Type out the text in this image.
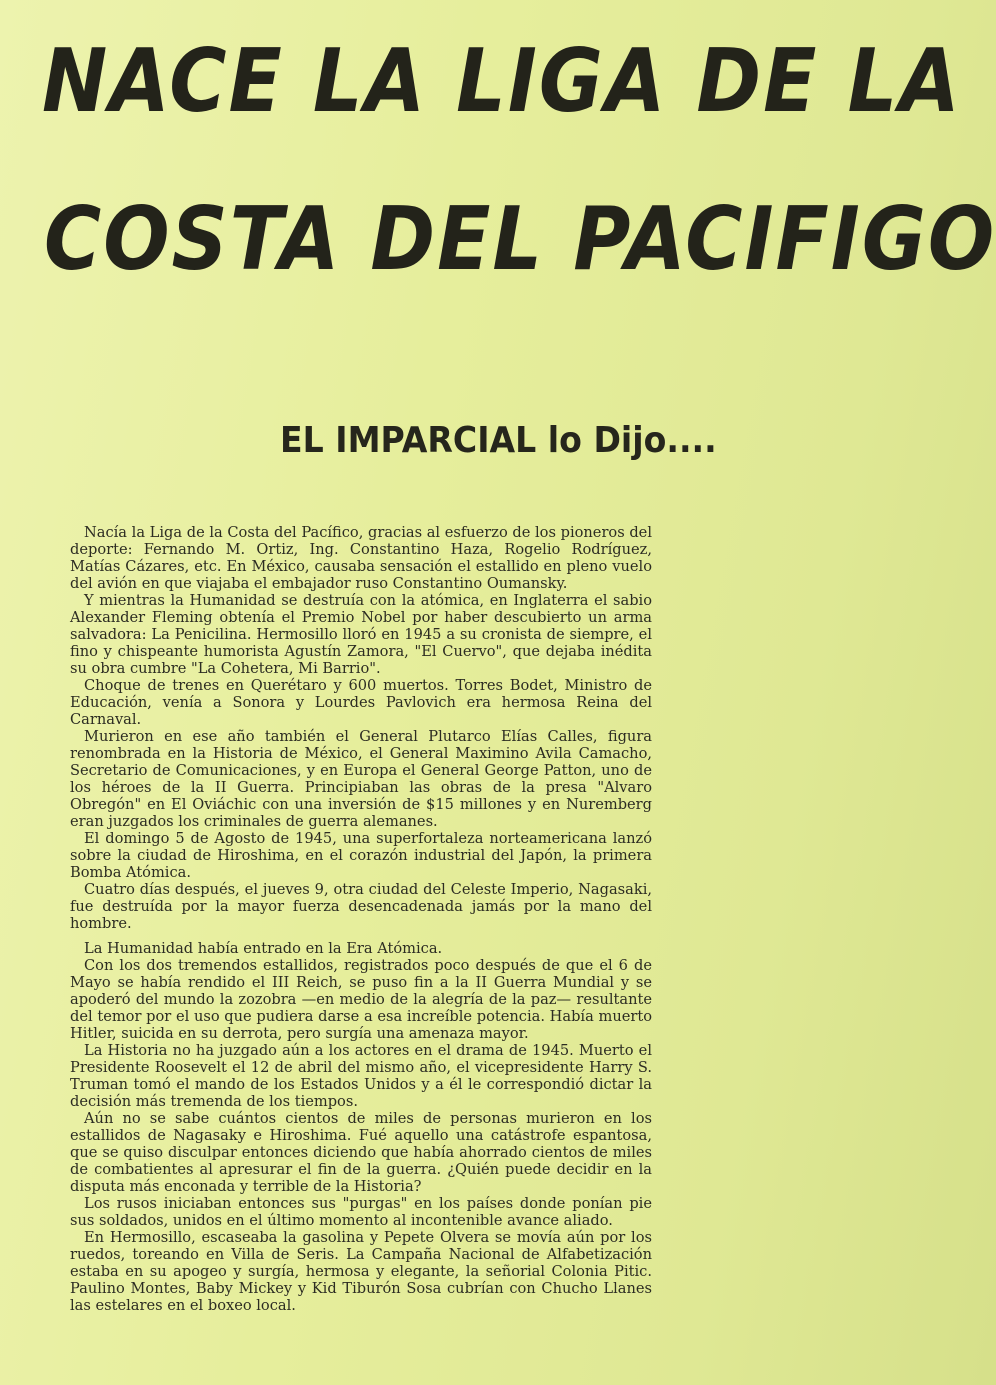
NACE LA LIGA DE LA
COSTA DEL PACIFIGO
EL IMPARCIAL lo Dijo....

Nacía la Liga de la Costa del Pacífico, gracias al esfuerzo de los pioneros del deporte: Fernando M. Ortiz, Ing. Constantino Haza, Rogelio Rodríguez, Matías Cázares, etc. En México, causaba sensación el estallido en pleno vuelo del avión en que viajaba el embajador ruso Constantino Oumansky.

Y mientras la Humanidad se destruía con la atómica, en Inglaterra el sabio Alexander Fleming obtenía el Premio Nobel por haber descubierto un arma salvadora: La Penicilina. Hermosillo lloró en 1945 a su cronista de siempre, el fino y chispeante humorista Agustín Zamora, "El Cuervo", que dejaba inédita su obra cumbre "La Cohetera, Mi Barrio".

Choque de trenes en Querétaro y 600 muertos. Torres Bodet, Ministro de Educación, venía a Sonora y Lourdes Pavlovich era hermosa Reina del Carnaval.

Murieron en ese año también el General Plutarco Elías Calles, figura renombrada en la Historia de México, el General Maximino Avila Camacho, Secretario de Comunicaciones, y en Europa el General George Patton, uno de los héroes de la II Guerra. Principiaban las obras de la presa "Alvaro Obregón" en El Oviáchic con una inversión de $15 millones y en Nuremberg eran juzgados los criminales de guerra alemanes.

El domingo 5 de Agosto de 1945, una superfortaleza norteamericana lanzó sobre la ciudad de Hiroshima, en el corazón industrial del Japón, la primera Bomba Atómica.

Cuatro días después, el jueves 9, otra ciudad del Celeste Imperio, Nagasaki, fue destruída por la mayor fuerza desencadenada jamás por la mano del hombre.

La Humanidad había entrado en la Era Atómica.

Con los dos tremendos estallidos, registrados poco después de que el 6 de Mayo se había rendido el III Reich, se puso fin a la II Guerra Mundial y se apoderó del mundo la zozobra —en medio de la alegría de la paz— resultante del temor por el uso que pudiera darse a esa increíble potencia. Había muerto Hitler, suicida en su derrota, pero surgía una amenaza mayor.

La Historia no ha juzgado aún a los actores en el drama de 1945. Muerto el Presidente Roosevelt el 12 de abril del mismo año, el vicepresidente Harry S. Truman tomó el mando de los Estados Unidos y a él le correspondió dictar la decisión más tremenda de los tiempos.

Aún no se sabe cuántos cientos de miles de personas murieron en los estallidos de Nagasaky e Hiroshima. Fué aquello una catástrofe espantosa, que se quiso disculpar entonces diciendo que había ahorrado cientos de miles de combatientes al apresurar el fin de la guerra. ¿Quién puede decidir en la disputa más enconada y terrible de la Historia?

Los rusos iniciaban entonces sus "purgas" en los países donde ponían pie sus soldados, unidos en el último momento al incontenible avance aliado.

En Hermosillo, escaseaba la gasolina y Pepete Olvera se movía aún por los ruedos, toreando en Villa de Seris. La Campaña Nacional de Alfabetización estaba en su apogeo y surgía, hermosa y elegante, la señorial Colonia Pitic. Paulino Montes, Baby Mickey y Kid Tiburón Sosa cubrían con Chucho Llanes las estelares en el boxeo local.
